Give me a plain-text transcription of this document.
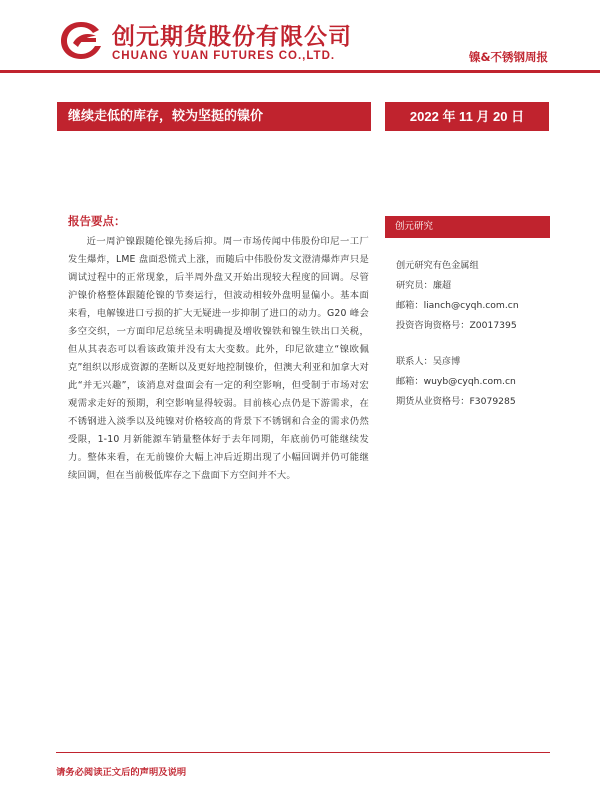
创元期货股份有限公司
CHUANG YUAN FUTURES CO.,LTD.	镍&不锈钢周报
继续走低的库存，较为坚挺的镍价	2022 年 11 月 20 日
报告要点：

近一周沪镍跟随伦镍先扬后抑。周一市场传闻中伟股份印尼一工厂发生爆炸，LME 盘面恐慌式上涨，而随后中伟股份发文澄清爆炸声只是调试过程中的正常现象，后半周外盘又开始出现较大程度的回调。尽管沪镍价格整体跟随伦镍的节奏运行，但波动相较外盘明显偏小。基本面来看，电解镍进口亏损的扩大无疑进一步抑制了进口的动力。G20 峰会多空交织，一方面印尼总统呈未明确提及增收镍铁和镍生铁出口关税，但从其表态可以看该政策并没有太大变数。此外，印尼欲建立“镍欧佩克”组织以形成资源的垄断以及更好地控制镍价，但澳大利亚和加拿大对此“并无兴趣”，该消息对盘面会有一定的利空影响，但受制于市场对宏观需求走好的预期，利空影响显得较弱。目前核心点仍是下游需求，在不锈钢进入淡季以及纯镍对价格较高的背景下不锈钢和合金的需求仍然受限，1-10 月新能源车销量整体好于去年同期，年底前仍可能继续发力。整体来看，在无前镍价大幅上冲后近期出现了小幅回调并仍可能继续回调，但在当前极低库存之下盘面下方空间并不大。

创元研究
创元研究有色金属组
研究员：廉超
邮箱：lianch@cyqh.com.cn
投资咨询资格号：Z0017395
联系人：吴彦博
邮箱：wuyb@cyqh.com.cn
期货从业资格号：F3079285
请务必阅读正文后的声明及说明
